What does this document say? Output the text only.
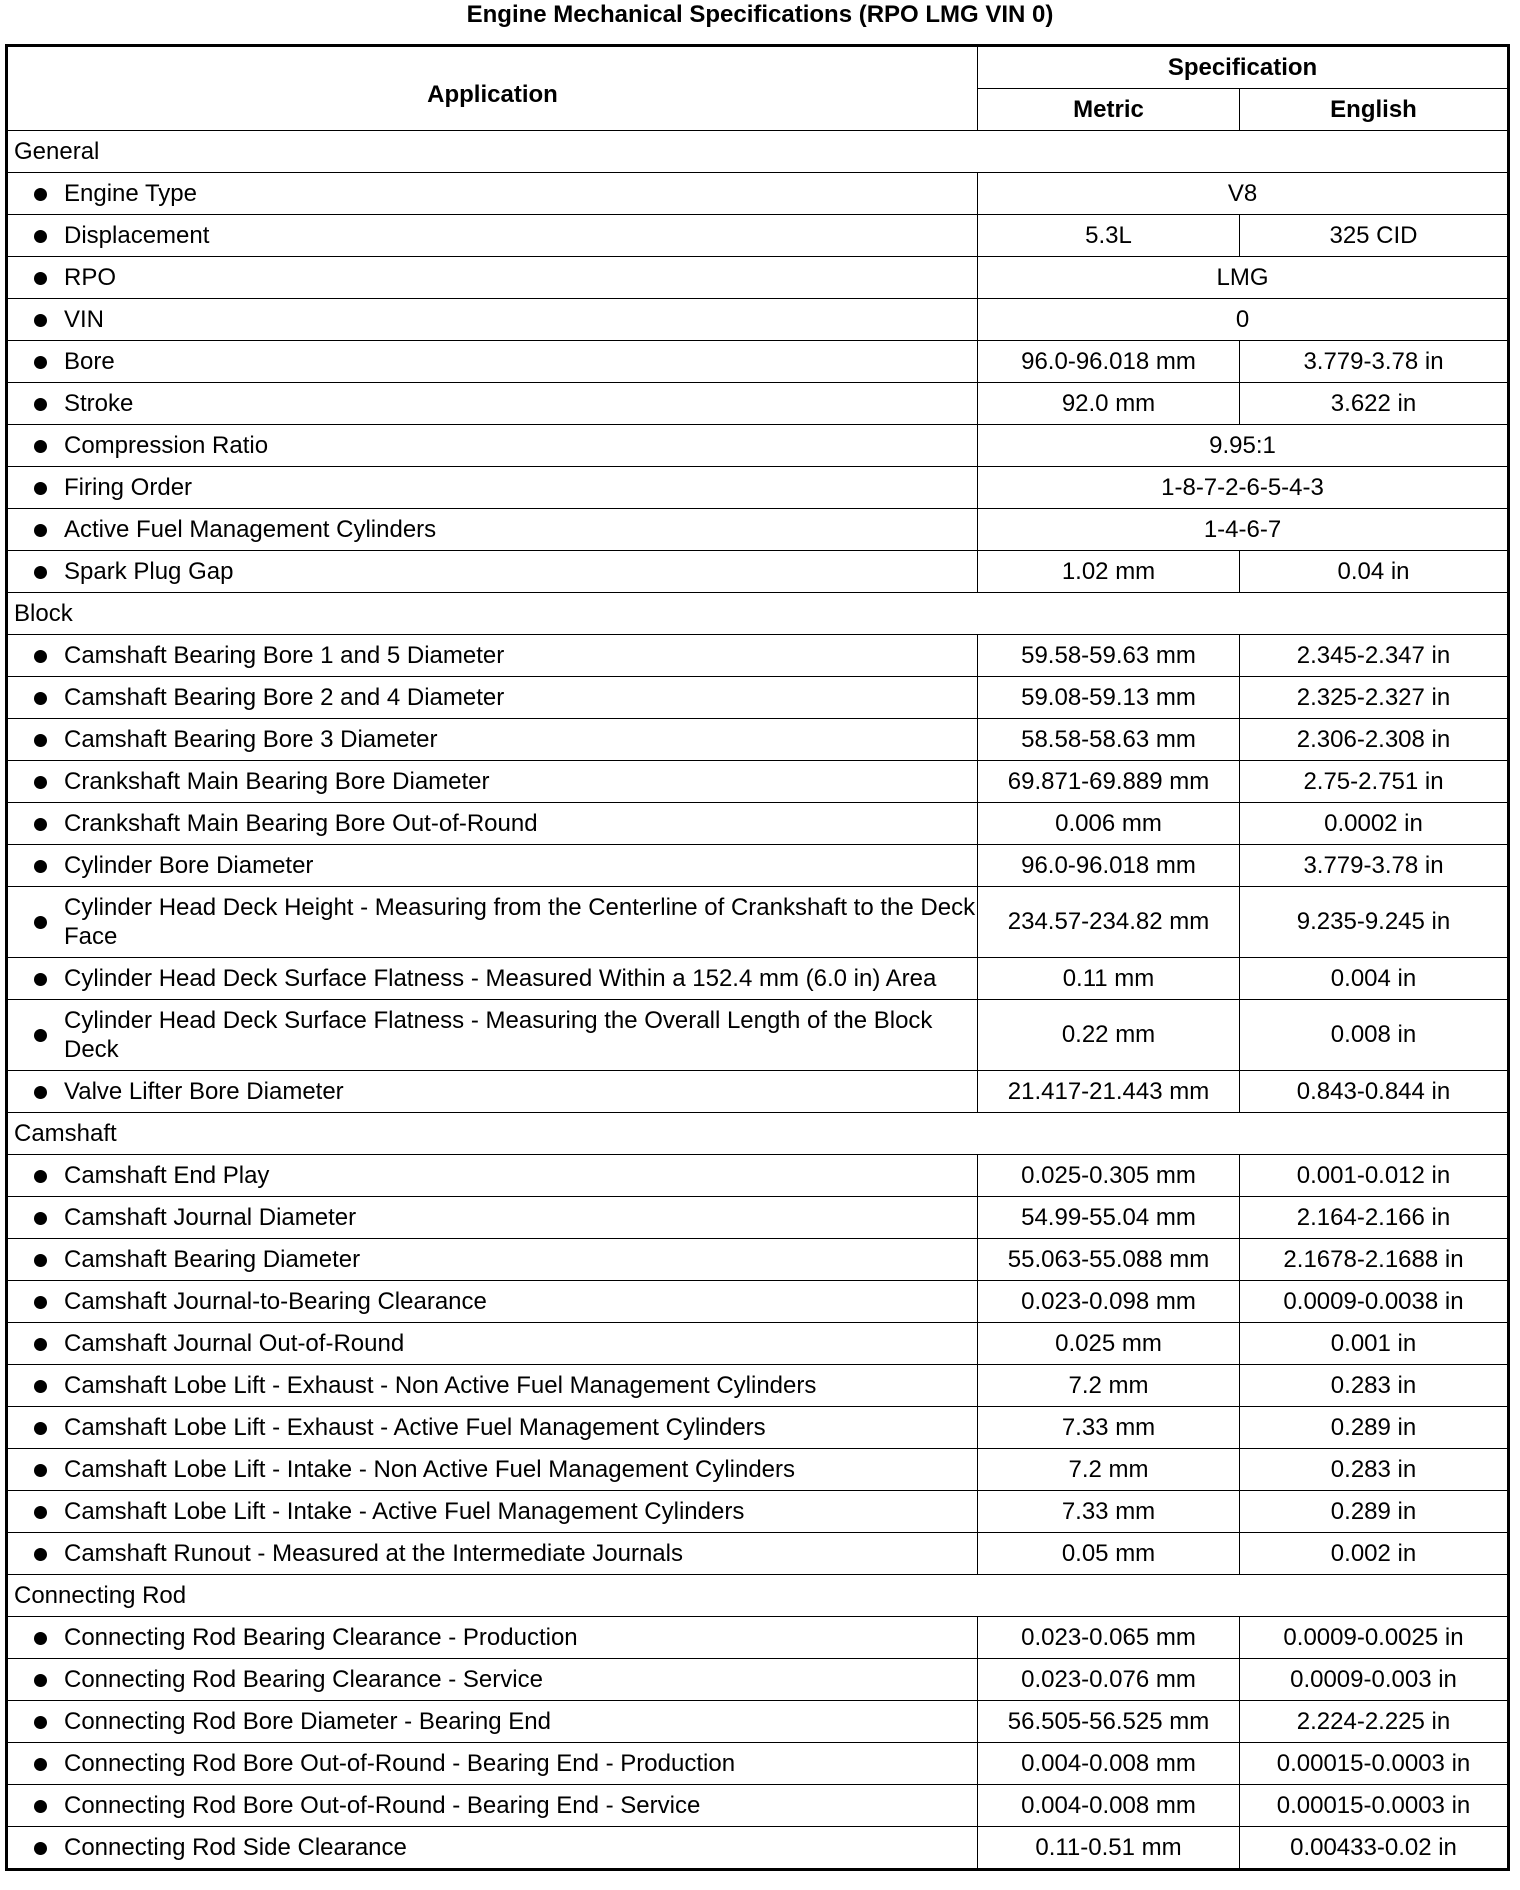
Engine Mechanical Specifications (RPO LMG VIN 0)
Application	Specification	
	Metric	English
General		

Engine Type	V8	

Displacement	5.3L	325 CID

RPO	LMG	

VIN	0	

Bore	96.0-96.018 mm	3.779-3.78 in

Stroke	92.0 mm	3.622 in

Compression Ratio	9.95:1	

Firing Order	1-8-7-2-6-5-4-3	

Active Fuel Management Cylinders	1-4-6-7	

Spark Plug Gap	1.02 mm	0.04 in
Block		

Camshaft Bearing Bore 1 and 5 Diameter	59.58-59.63 mm	2.345-2.347 in

Camshaft Bearing Bore 2 and 4 Diameter	59.08-59.13 mm	2.325-2.327 in

Camshaft Bearing Bore 3 Diameter	58.58-58.63 mm	2.306-2.308 in

Crankshaft Main Bearing Bore Diameter	69.871-69.889 mm	2.75-2.751 in

Crankshaft Main Bearing Bore Out-of-Round	0.006 mm	0.0002 in

Cylinder Bore Diameter	96.0-96.018 mm	3.779-3.78 in

Cylinder Head Deck Height - Measuring from the Centerline of Crankshaft to the Deck Face	234.57-234.82 mm	9.235-9.245 in

Cylinder Head Deck Surface Flatness - Measured Within a 152.4 mm (6.0 in) Area	0.11 mm	0.004 in

Cylinder Head Deck Surface Flatness - Measuring the Overall Length of the Block Deck	0.22 mm	0.008 in

Valve Lifter Bore Diameter	21.417-21.443 mm	0.843-0.844 in
Camshaft		

Camshaft End Play	0.025-0.305 mm	0.001-0.012 in

Camshaft Journal Diameter	54.99-55.04 mm	2.164-2.166 in

Camshaft Bearing Diameter	55.063-55.088 mm	2.1678-2.1688 in

Camshaft Journal-to-Bearing Clearance	0.023-0.098 mm	0.0009-0.0038 in

Camshaft Journal Out-of-Round	0.025 mm	0.001 in

Camshaft Lobe Lift - Exhaust - Non Active Fuel Management Cylinders	7.2 mm	0.283 in

Camshaft Lobe Lift - Exhaust - Active Fuel Management Cylinders	7.33 mm	0.289 in

Camshaft Lobe Lift - Intake - Non Active Fuel Management Cylinders	7.2 mm	0.283 in

Camshaft Lobe Lift - Intake - Active Fuel Management Cylinders	7.33 mm	0.289 in

Camshaft Runout - Measured at the Intermediate Journals	0.05 mm	0.002 in
Connecting Rod		

Connecting Rod Bearing Clearance - Production	0.023-0.065 mm	0.0009-0.0025 in

Connecting Rod Bearing Clearance - Service	0.023-0.076 mm	0.0009-0.003 in

Connecting Rod Bore Diameter - Bearing End	56.505-56.525 mm	2.224-2.225 in

Connecting Rod Bore Out-of-Round - Bearing End - Production	0.004-0.008 mm	0.00015-0.0003 in

Connecting Rod Bore Out-of-Round - Bearing End - Service	0.004-0.008 mm	0.00015-0.0003 in

Connecting Rod Side Clearance	0.11-0.51 mm	0.00433-0.02 in
